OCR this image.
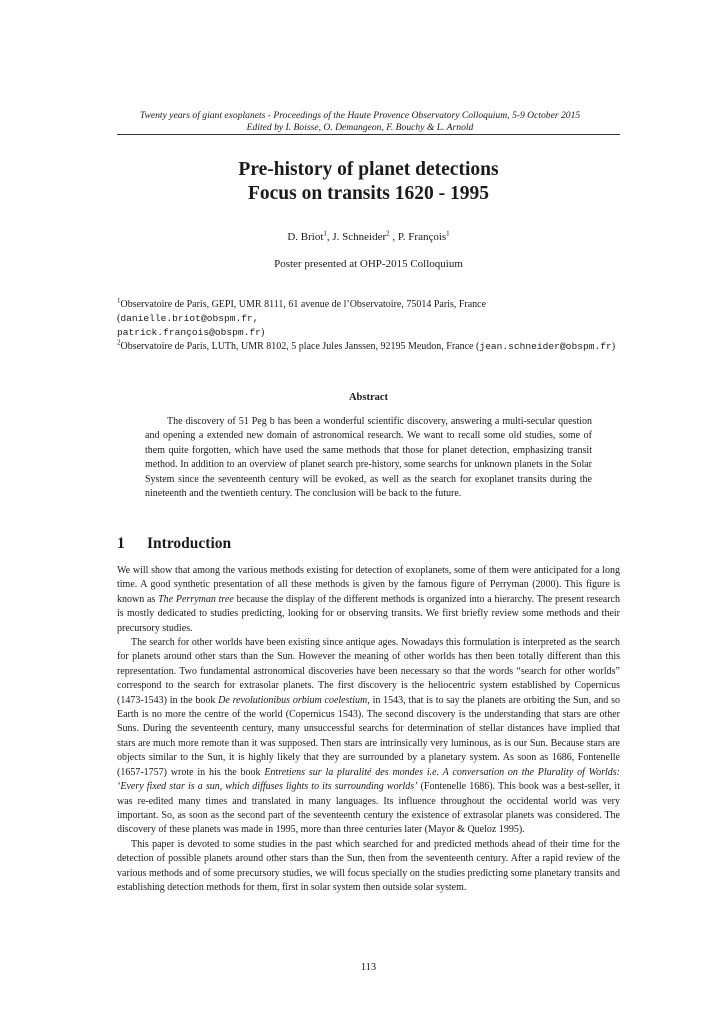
Twenty years of giant exoplanets - Proceedings of the Haute Provence Observatory Colloquium, 5-9 October 2015
Edited by I. Boisse, O. Demangeon, F. Bouchy & L. Arnold
Pre-history of planet detections
Focus on transits 1620 - 1995
D. Briot$^1$, J. Schneider$^2$ , P. François$^1$
Poster presented at OHP-2015 Colloquium
$^1$Observatoire de Paris, GEPI, UMR 8111, 61 avenue de l’Observatoire, 75014 Paris, France (danielle.briot@obspm.fr,
patrick.françois@obspm.fr)
$^2$Observatoire de Paris, LUTh, UMR 8102, 5 place Jules Janssen, 92195 Meudon, France (jean.schneider@obspm.fr)
Abstract

The discovery of 51 Peg b has been a wonderful scientific discovery, answering a multi-secular question and opening a extended new domain of astronomical research. We want to recall some old studies, some of them quite forgotten, which have used the same methods that those for planet detection, emphasizing transit method. In addition to an overview of planet search pre-history, some searchs for unknown planets in the Solar System since the seventeenth century will be evoked, as well as the search for exoplanet transits during the nineteenth and the twentieth century. The conclusion will be back to the future.

1 Introduction

We will show that among the various methods existing for detection of exoplanets, some of them were anticipated for a long time. A good synthetic presentation of all these methods is given by the famous figure of Perryman (2000). This figure is known as The Perryman tree because the display of the different methods is organized into a hierarchy. The present research is mostly dedicated to studies predicting, looking for or observing transits. We first briefly review some methods and their precursory studies.

The search for other worlds have been existing since antique ages. Nowadays this formulation is interpreted as the search for planets around other stars than the Sun. However the meaning of other worlds has then been totally different than this representation. Two fundamental astronomical discoveries have been necessary so that the words “search for other worlds” correspond to the search for extrasolar planets. The first discovery is the heliocentric system established by Copernicus (1473-1543) in the book De revolutionibus orbium coelestium, in 1543, that is to say the planets are orbiting the Sun, and so Earth is no more the centre of the world (Copernicus 1543). The second discovery is the understanding that stars are other Suns. During the seventeenth century, many unsuccessful searchs for determination of stellar distances have implied that stars are much more remote than it was supposed. Then stars are intrinsically very luminous, as is our Sun. Because stars are objects similar to the Sun, it is highly likely that they are surrounded by a planetary system. As soon as 1686, Fontenelle (1657-1757) wrote in his the book Entretiens sur la pluralité des mondes i.e. A conversation on the Plurality of Worlds: ‘Every fixed star is a sun, which diffuses lights to its surrounding worlds’ (Fontenelle 1686). This book was a best-seller, it was re-edited many times and translated in many languages. Its influence throughout the occidental world was very important. So, as soon as the second part of the seventeenth century the existence of extrasolar planets was considered. The discovery of these planets was made in 1995, more than three centuries later (Mayor & Queloz 1995).

This paper is devoted to some studies in the past which searched for and predicted methods ahead of their time for the detection of possible planets around other stars than the Sun, then from the seventeenth century. After a rapid review of the various methods and of some precursory studies, we will focus specially on the studies predicting some planetary transits and establishing detection methods for them, first in solar system then outside solar system.

113
